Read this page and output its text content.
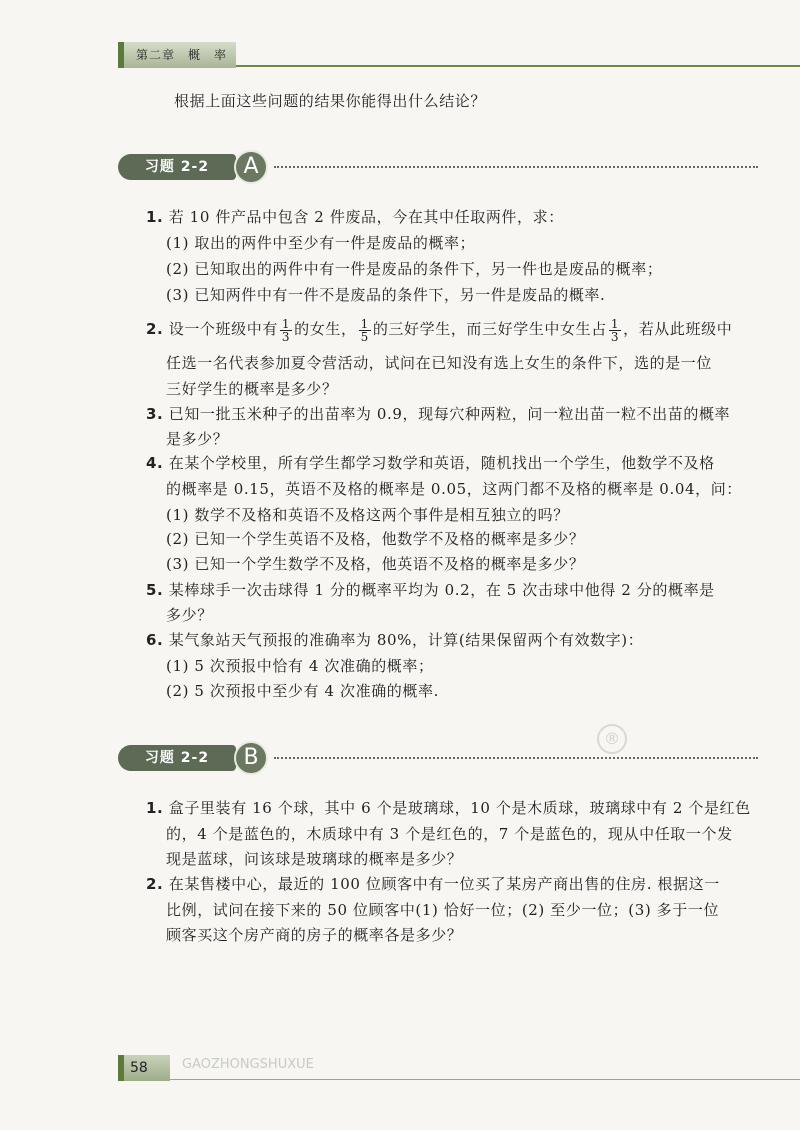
第二章　概　率
根据上面这些问题的结果你能得出什么结论？
习题 2-2	A
1. 若 10 件产品中包含 2 件废品，今在其中任取两件，求：
(1) 取出的两件中至少有一件是废品的概率；
(2) 已知取出的两件中有一件是废品的条件下，另一件也是废品的概率；
(3) 已知两件中有一件不是废品的条件下，另一件是废品的概率.
2. 设一个班级中有 $\frac{1}{3}$ 的女生， $\frac{1}{5}$ 的三好学生，而三好学生中女生占 $\frac{1}{3}$ ，若从此班级中
任选一名代表参加夏令营活动，试问在已知没有选上女生的条件下，选的是一位
三好学生的概率是多少？
3. 已知一批玉米种子的出苗率为 0.9，现每穴种两粒，问一粒出苗一粒不出苗的概率
是多少？
4. 在某个学校里，所有学生都学习数学和英语，随机找出一个学生，他数学不及格
的概率是 0.15，英语不及格的概率是 0.05，这两门都不及格的概率是 0.04，问：
(1) 数学不及格和英语不及格这两个事件是相互独立的吗？
(2) 已知一个学生英语不及格，他数学不及格的概率是多少？
(3) 已知一个学生数学不及格，他英语不及格的概率是多少？
5. 某棒球手一次击球得 1 分的概率平均为 0.2，在 5 次击球中他得 2 分的概率是
多少？
6. 某气象站天气预报的准确率为 80%，计算(结果保留两个有效数字)：
(1) 5 次预报中恰有 4 次准确的概率；
(2) 5 次预报中至少有 4 次准确的概率.
®
习题 2-2	B
1. 盒子里装有 16 个球，其中 6 个是玻璃球，10 个是木质球，玻璃球中有 2 个是红色
的，4 个是蓝色的，木质球中有 3 个是红色的，7 个是蓝色的，现从中任取一个发
现是蓝球，问该球是玻璃球的概率是多少？
2. 在某售楼中心，最近的 100 位顾客中有一位买了某房产商出售的住房. 根据这一
比例，试问在接下来的 50 位顾客中(1) 恰好一位；(2) 至少一位；(3) 多于一位
顾客买这个房产商的房子的概率各是多少？
58	GAOZHONGSHUXUE
